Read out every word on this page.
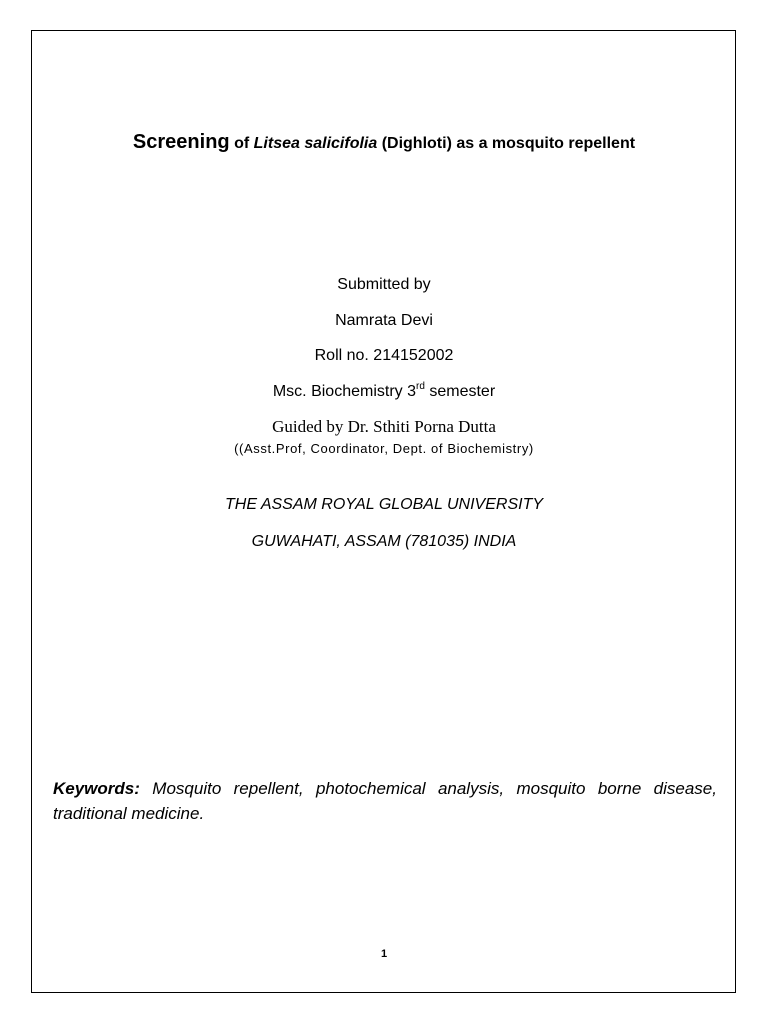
Screening of Litsea salicifolia (Dighloti) as a mosquito repellent
Submitted by
Namrata Devi
Roll no. 214152002
Msc. Biochemistry 3rd semester
Guided by Dr. Sthiti Porna Dutta
((Asst.Prof, Coordinator, Dept. of Biochemistry)
THE ASSAM ROYAL GLOBAL UNIVERSITY
GUWAHATI, ASSAM (781035) INDIA
Keywords: Mosquito repellent, photochemical analysis, mosquito borne disease, traditional medicine.
1
